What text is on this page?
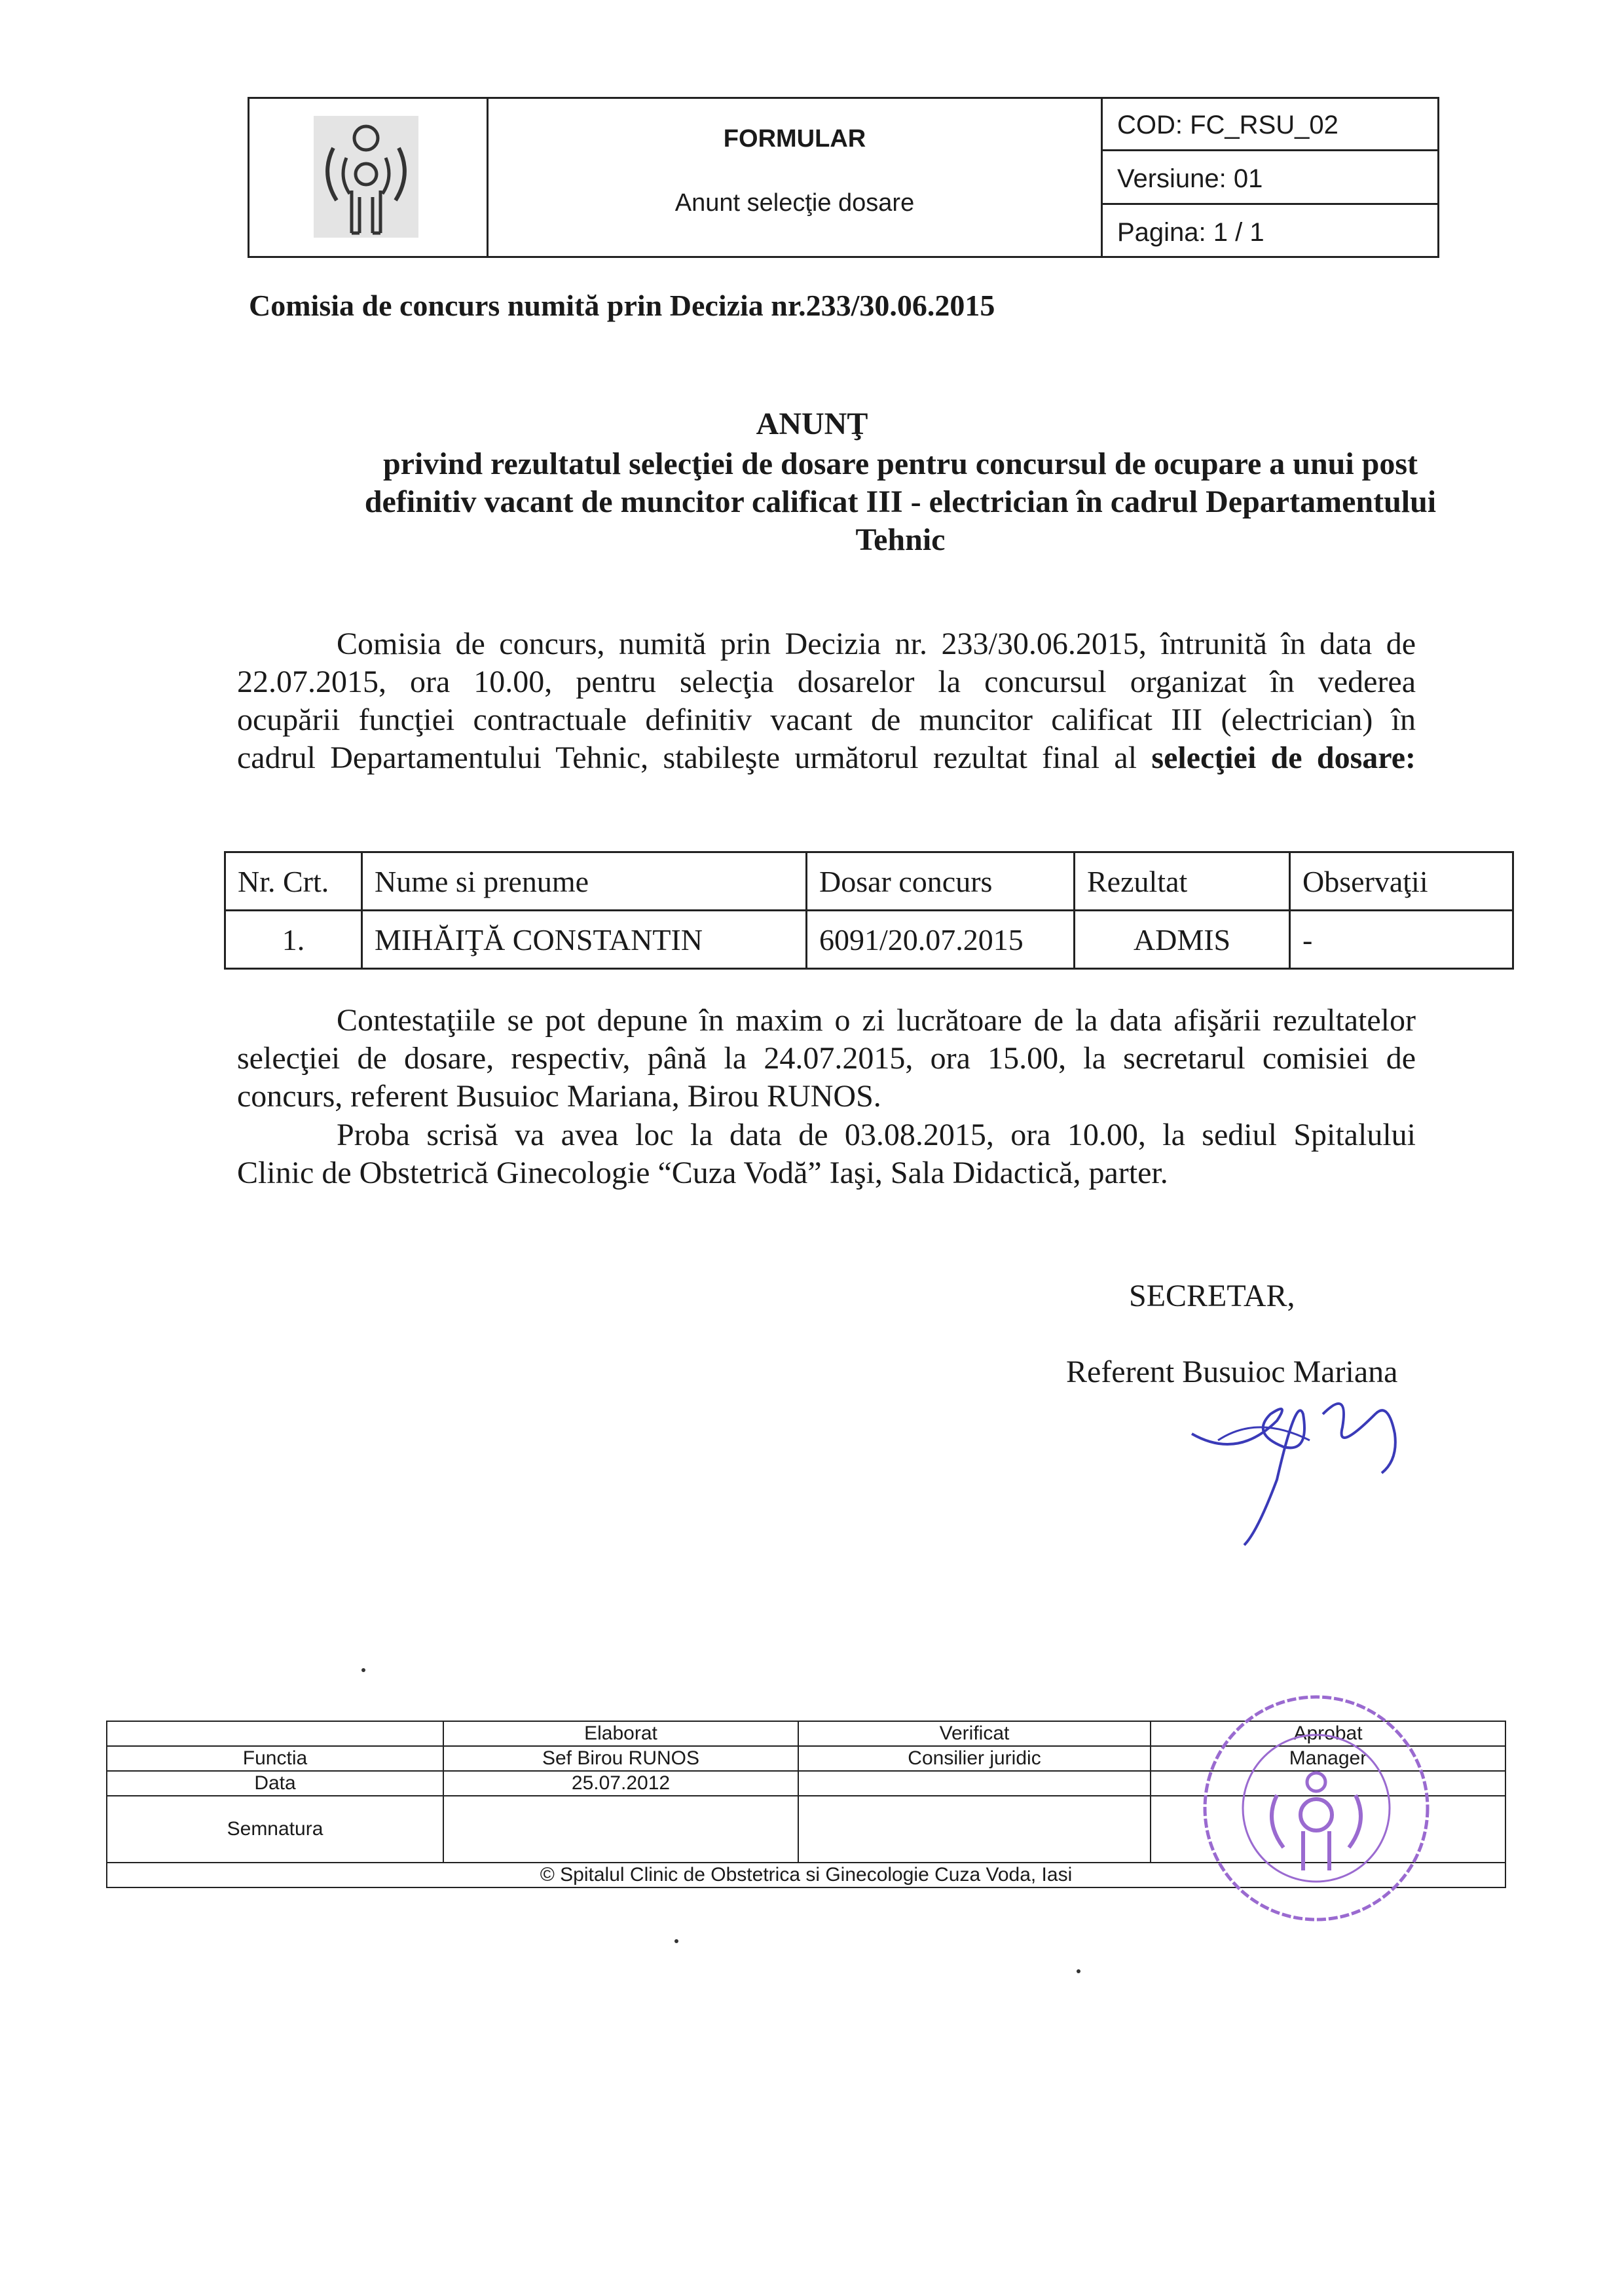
FORMULAR
Anunt selecţie dosare
COD: FC_RSU_02
Versiune: 01
Pagina: 1 / 1
Comisia de concurs numită prin Decizia nr.233/30.06.2015
ANUNŢ
privind rezultatul selecţiei de dosare pentru concursul de ocupare a unui post
definitiv vacant de muncitor calificat III - electrician în cadrul Departamentului
Tehnic
Comisia de concurs, numită prin Decizia nr. 233/30.06.2015, întrunită în data de
22.07.2015, ora 10.00, pentru selecţia dosarelor la concursul organizat în vederea
ocupării funcţiei contractuale definitiv vacant de muncitor calificat III (electrician) în
cadrul Departamentului Tehnic, stabileşte următorul rezultat final al selecţiei de dosare:
Nr. Crt.	Nume si prenume	Dosar concurs	Rezultat	Observaţii
1.	MIHĂIŢĂ CONSTANTIN	6091/20.07.2015	ADMIS	-
Contestaţiile se pot depune în maxim o zi lucrătoare de la data afişării rezultatelor
selecţiei de dosare, respectiv, până la 24.07.2015, ora 15.00, la secretarul comisiei de
concurs, referent Busuioc Mariana, Birou RUNOS.
Proba scrisă va avea loc la data de 03.08.2015, ora 10.00, la sediul Spitalului
Clinic de Obstetrică Ginecologie “Cuza Vodă” Iaşi, Sala Didactică, parter.
SECRETAR,
Referent Busuioc Mariana
	Elaborat	Verificat	Aprobat
Functia	Sef Birou RUNOS	Consilier juridic	Manager
Data	25.07.2012		
Semnatura			
© Spitalul Clinic de Obstetrica si Ginecologie Cuza Voda, Iasi			
